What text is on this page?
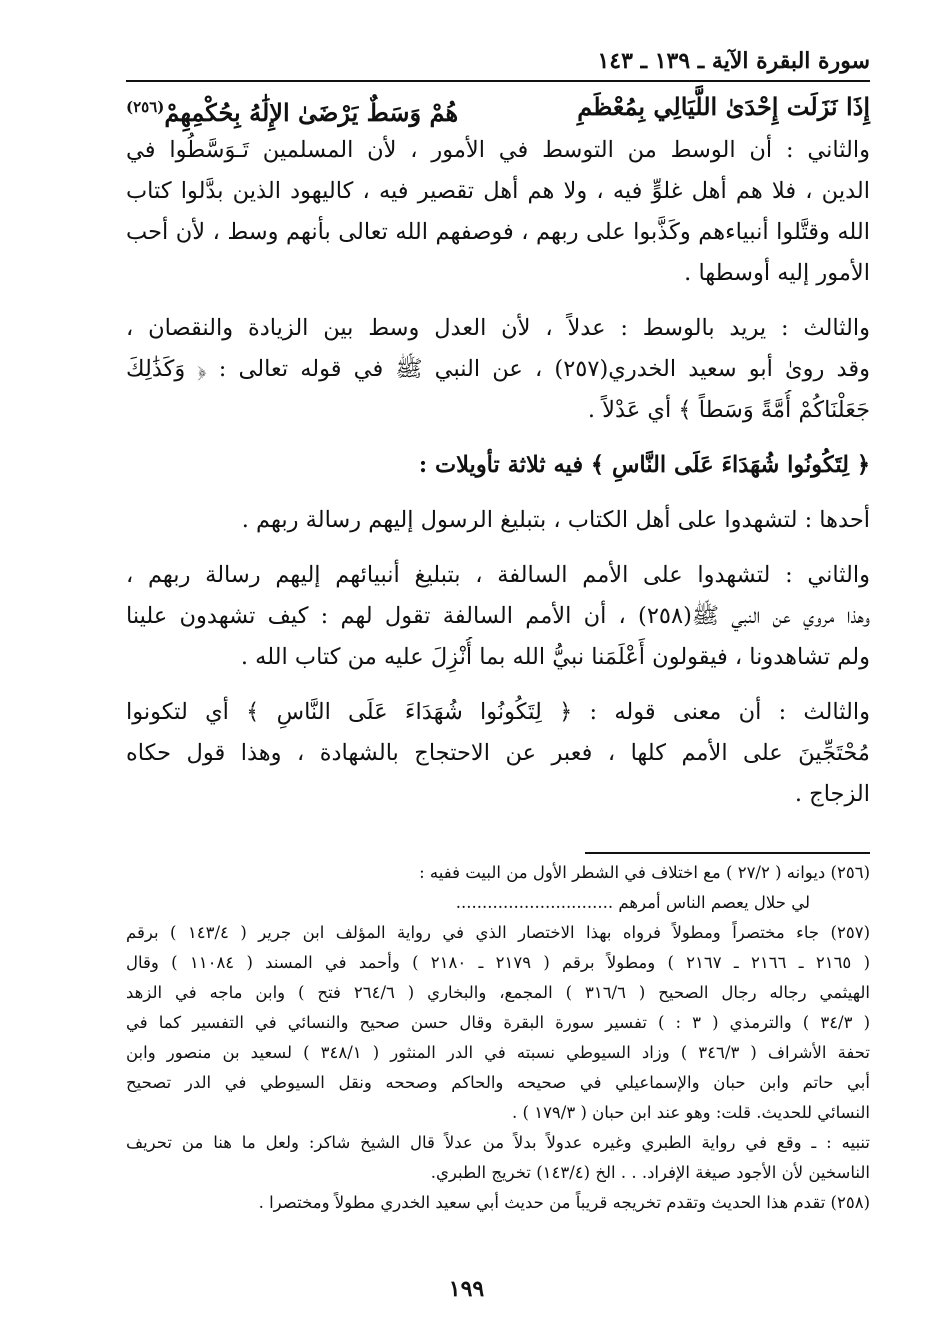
سورة البقرة الآية ـ ١٣٩ ـ ١٤٣
إِذَا نَزَلَت إِحْدَىٰ اللَّيَالِي بِمُعْظَمِ
هُمْ وَسَطٌ يَرْضَىٰ الإِلَٰهُ بِحُكْمِهِمْ$^{(٢٥٦)}$
والثاني : أن الوسط من التوسط في الأمور ، لأن المسلمين تَـوَسَّطُوا في
الدين ، فلا هم أهل غلوٍّ فيه ، ولا هم أهل تقصير فيه ، كاليهود الذين بدَّلوا كتاب
الله وقتَّلوا أنبياءهم وكَذَّبوا على ربهم ، فوصفهم الله تعالى بأنهم وسط ، لأن أحب
الأمور إليه أوسطها .
والثالث : يريد بالوسط : عدلاً ، لأن العدل وسط بين الزيادة والنقصان ،
وقد روىٰ أبو سعيد الخدري(٢٥٧) ، عن النبي ﷺ في قوله تعالى : ﴿ وَكَذَٰلِكَ
جَعَلْنَاكُمْ أُمَّةً وَسَطاً ﴾ أي عَدْلاً .
﴿ لِتَكُونُوا شُهَدَاءَ عَلَى النَّاسِ ﴾ فيه ثلاثة تأويلات :
أحدها : لتشهدوا على أهل الكتاب ، بتبليغ الرسول إليهم رسالة ربهم .
والثاني : لتشهدوا على الأمم السالفة ، بتبليغ أنبيائهم إليهم رسالة ربهم ،
وهذا مروي عن النبي ﷺ(٢٥٨) ، أن الأمم السالفة تقول لهم : كيف تشهدون علينا
ولم تشاهدونا ، فيقولون أَعْلَمَنا نبيُّ الله بما أُنْزِلَ عليه من كتاب الله .
والثالث : أن معنى قوله : ﴿ لِتَكُونُوا شُهَدَاءَ عَلَى النَّاسِ ﴾ أي لتكونوا
مُحْتَجِّينَ على الأمم كلها ، فعبر عن الاحتجاج بالشهادة ، وهذا قول حكاه
الزجاج .
(٢٥٦) ديوانه ( ٢٧/٢ ) مع اختلاف في الشطر الأول من البيت ففيه :
لي حلال يعصم الناس أمرهم ..............................
(٢٥٧) جاء مختصراً ومطولاً فرواه بهذا الاختصار الذي في رواية المؤلف ابن جرير ( ١٤٣/٤ ) برقم
( ٢١٦٥ ـ ٢١٦٦ ـ ٢١٦٧ ) ومطولاً برقم ( ٢١٧٩ ـ ٢١٨٠ ) وأحمد في المسند ( ١١٠٨٤ ) وقال
الهيثمي رجاله رجال الصحيح ( ٣١٦/٦ ) المجمع، والبخاري ( ٢٦٤/٦ فتح ) وابن ماجه في الزهد
( ٣٤/٣ ) والترمذي ( ٣ : ) تفسير سورة البقرة وقال حسن صحيح والنسائي في التفسير كما في
تحفة الأشراف ( ٣٤٦/٣ ) وزاد السيوطي نسبته في الدر المنثور ( ٣٤٨/١ ) لسعيد بن منصور وابن
أبي حاتم وابن حبان والإسماعيلي في صحيحه والحاكم وصححه ونقل السيوطي في الدر تصحيح
النسائي للحديث. قلت: وهو عند ابن حبان ( ١٧٩/٣ ) .
تنبيه : ـ وقع في رواية الطبري وغيره عدولاً بدلاً من عدلاً قال الشيخ شاكر: ولعل ما هنا من تحريف
الناسخين لأن الأجود صيغة الإفراد. . . الخ (١٤٣/٤) تخريج الطبري.
(٢٥٨) تقدم هذا الحديث وتقدم تخريجه قريباً من حديث أبي سعيد الخدري مطولاً ومختصرا .
١٩٩
